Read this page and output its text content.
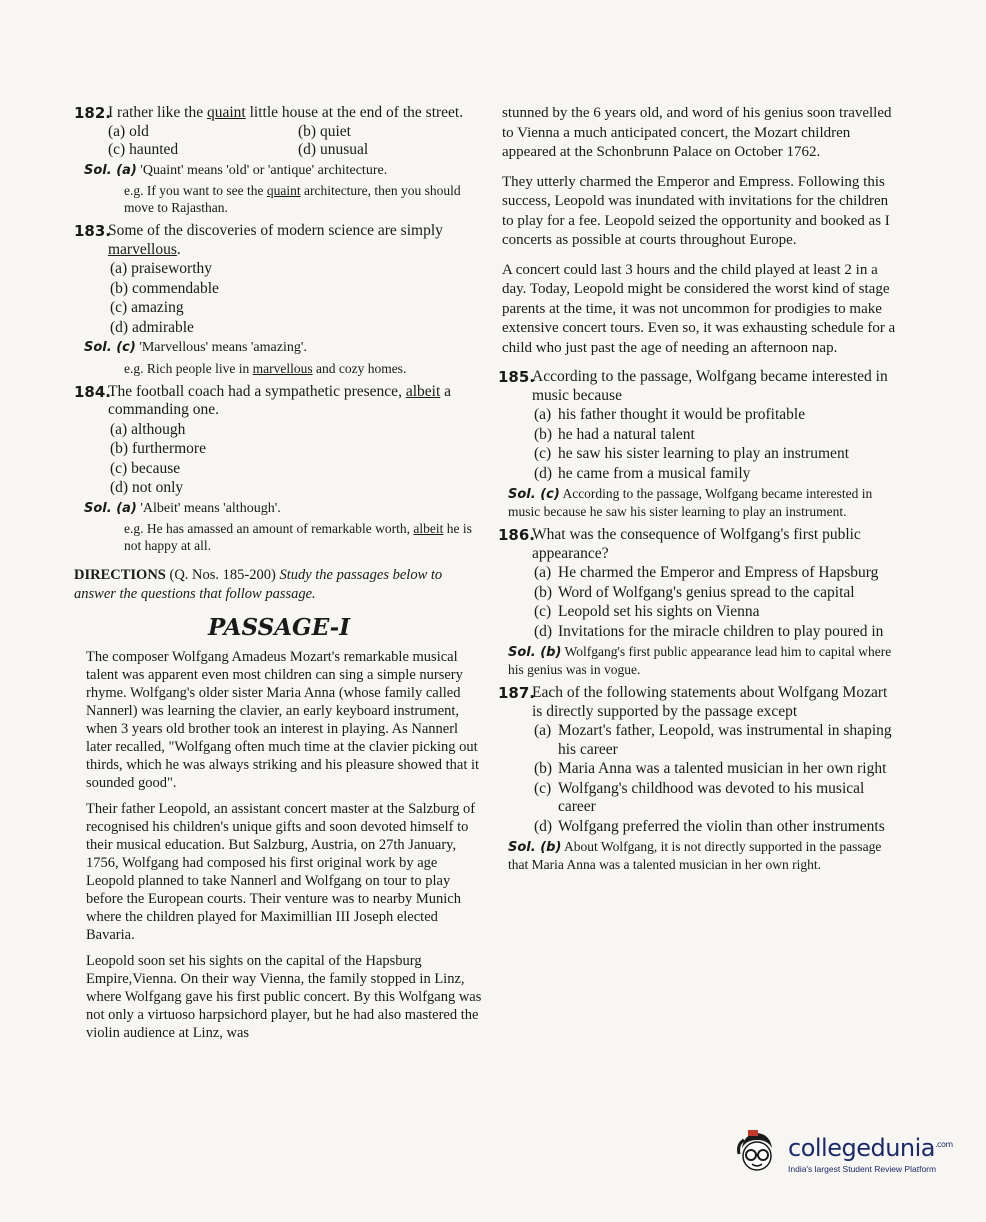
182.
I rather like the quaint little house at the end of the street.
(a) old	(b) quiet
(c) haunted	(d) unusual
Sol. (a) 'Quaint' means 'old' or 'antique' architecture.
e.g. If you want to see the quaint architecture, then you should move to Rajasthan.
183.
Some of the discoveries of modern science are simply marvellous.
(a) praiseworthy
(b) commendable
(c) amazing
(d) admirable
Sol. (c) 'Marvellous' means 'amazing'.
e.g. Rich people live in marvellous and cozy homes.
184.
The football coach had a sympathetic presence, albeit a commanding one.
(a) although
(b) furthermore
(c) because
(d) not only
Sol. (a) 'Albeit' means 'although'.
e.g. He has amassed an amount of remarkable worth, albeit he is not happy at all.
DIRECTIONS (Q. Nos. 185-200) Study the passages below to answer the questions that follow passage.
PASSAGE-I

The composer Wolfgang Amadeus Mozart's remarkable musical talent was apparent even most children can sing a simple nursery rhyme. Wolfgang's older sister Maria Anna (whose family called Nannerl) was learning the clavier, an early keyboard instrument, when 3 years old brother took an interest in playing. As Nannerl later recalled, "Wolfgang often much time at the clavier picking out thirds, which he was always striking and his pleasure showed that it sounded good".

Their father Leopold, an assistant concert master at the Salzburg of recognised his children's unique gifts and soon devoted himself to their musical education. But Salzburg, Austria, on 27th January, 1756, Wolfgang had composed his first original work by age Leopold planned to take Nannerl and Wolfgang on tour to play before the European courts. Their venture was to nearby Munich where the children played for Maximillian III Joseph elected Bavaria.

Leopold soon set his sights on the capital of the Hapsburg Empire,Vienna. On their way Vienna, the family stopped in Linz, where Wolfgang gave his first public concert. By this Wolfgang was not only a virtuoso harpsichord player, but he had also mastered the violin audience at Linz, was

stunned by the 6 years old, and word of his genius soon travelled to Vienna a much anticipated concert, the Mozart children appeared at the Schonbrunn Palace on October 1762.

They utterly charmed the Emperor and Empress. Following this success, Leopold was inundated with invitations for the children to play for a fee. Leopold seized the opportunity and booked as I concerts as possible at courts throughout Europe.

A concert could last 3 hours and the child played at least 2 in a day. Today, Leopold might be considered the worst kind of stage parents at the time, it was not uncommon for prodigies to make extensive concert tours. Even so, it was exhausting schedule for a child who just past the age of needing an afternoon nap.

185.
According to the passage, Wolfgang became interested in music because
(a) his father thought it would be profitable
(b) he had a natural talent
(c) he saw his sister learning to play an instrument
(d) he came from a musical family
Sol. (c) According to the passage, Wolfgang became interested in music because he saw his sister learning to play an instrument.
186.
What was the consequence of Wolfgang's first public appearance?
(a) He charmed the Emperor and Empress of Hapsburg
(b) Word of Wolfgang's genius spread to the capital
(c) Leopold set his sights on Vienna
(d) Invitations for the miracle children to play poured in
Sol. (b) Wolfgang's first public appearance lead him to capital where his genius was in vogue.
187.
Each of the following statements about Wolfgang Mozart is directly supported by the passage except
(a) Mozart's father, Leopold, was instrumental in shaping his career
(b) Maria Anna was a talented musician in her own right
(c) Wolfgang's childhood was devoted to his musical career
(d) Wolfgang preferred the violin than other instruments
Sol. (b) About Wolfgang, it is not directly supported in the passage that Maria Anna was a talented musician in her own right.
collegedunia$^{.com}$
India's largest Student Review Platform
